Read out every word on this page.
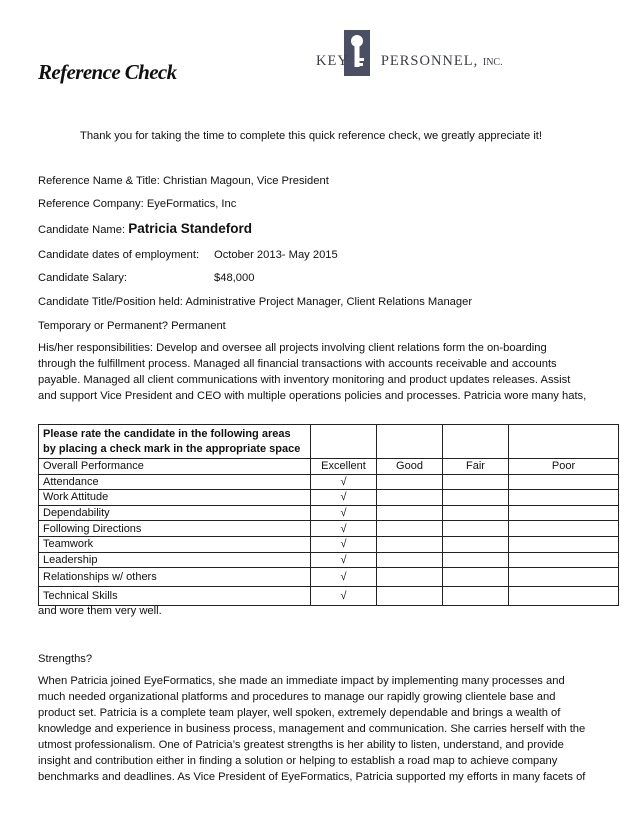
Reference Check	KEY PERSONNEL, INC.
Thank you for taking the time to complete this quick reference check, we greatly appreciate it!
Reference Name & Title: Christian Magoun, Vice President
Reference Company: EyeFormatics, Inc
Candidate Name: Patricia Standeford
Candidate dates of employment: October 2013- May 2015
Candidate Salary:	$48,000
Candidate Title/Position held: Administrative Project Manager, Client Relations Manager
Temporary or Permanent? Permanent
His/her responsibilities: Develop and oversee all projects involving client relations form the on-boarding
through the fulfillment process. Managed all financial transactions with accounts receivable and accounts
payable. Managed all client communications with inventory monitoring and product updates releases. Assist
and support Vice President and CEO with multiple operations policies and processes. Patricia wore many hats,
Please rate the candidate in the following areas
by placing a check mark in the appropriate space				

Overall Performance	Excellent	Good	Fair	Poor
Attendance	√			
Work Attitude	√			
Dependability	√			
Following Directions	√			
Teamwork	√			
Leadership	√			
Relationships w/ others	√			
Technical Skills	√			
and wore them very well.
Strengths?
When Patricia joined EyeFormatics, she made an immediate impact by implementing many processes and
much needed organizational platforms and procedures to manage our rapidly growing clientele base and
product set. Patricia is a complete team player, well spoken, extremely dependable and brings a wealth of
knowledge and experience in business process, management and communication. She carries herself with the
utmost professionalism. One of Patricia’s greatest strengths is her ability to listen, understand, and provide
insight and contribution either in finding a solution or helping to establish a road map to achieve company
benchmarks and deadlines. As Vice President of EyeFormatics, Patricia supported my efforts in many facets of
